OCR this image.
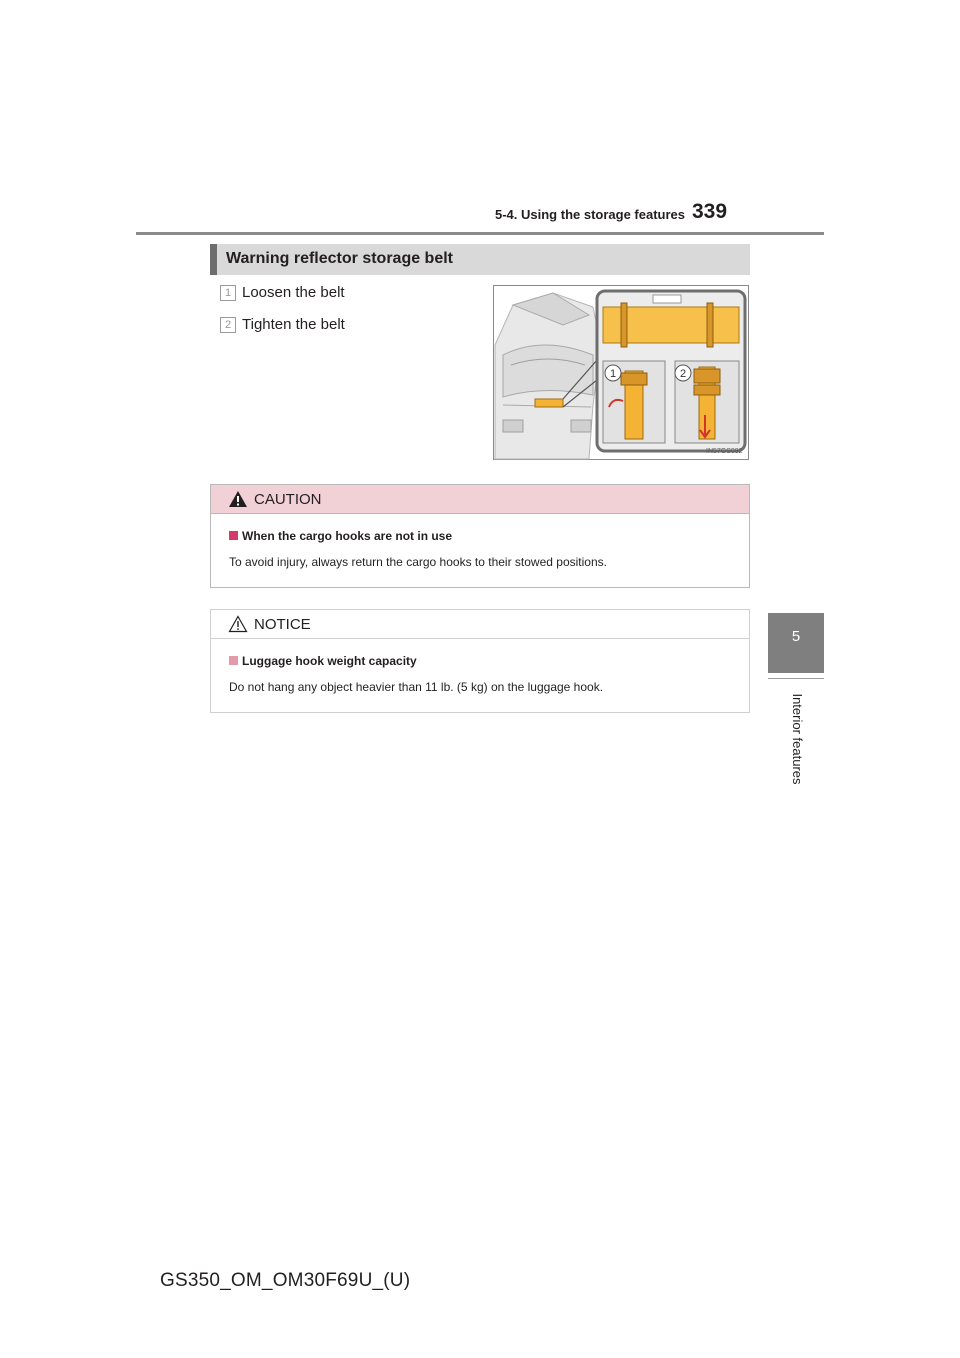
5-4. Using the storage features 339
5
Interior features
Warning reflector storage belt
1 Loosen the belt
2 Tighten the belt
1	2
IN57GS082
CAUTION
When the cargo hooks are not in use
To avoid injury, always return the cargo hooks to their stowed positions.
NOTICE
Luggage hook weight capacity
Do not hang any object heavier than 11 lb. (5 kg) on the luggage hook.
GS350_OM_OM30F69U_(U)
